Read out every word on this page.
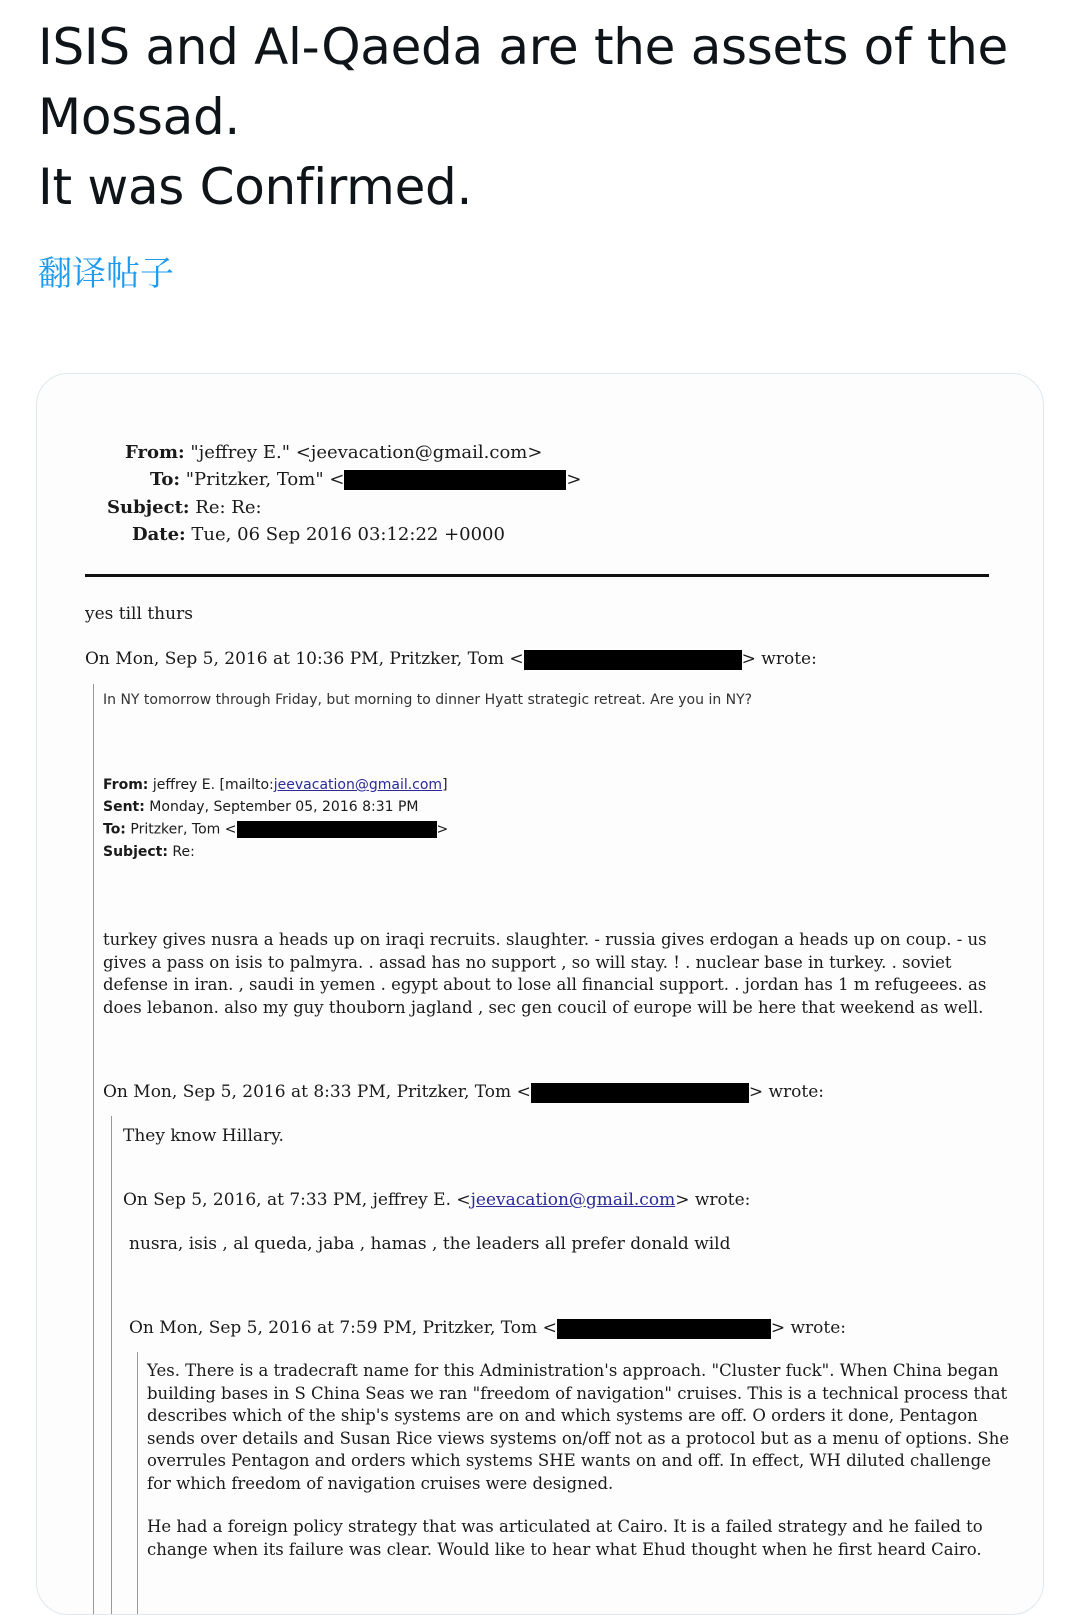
ISIS and Al-Qaeda are the assets of the
Mossad.
It was Confirmed.
翻译帖子
From: "jeffrey E." <jeevacation@gmail.com>
To: "Pritzker, Tom" <	>
Subject: Re: Re:
Date: Tue, 06 Sep 2016 03:12:22 +0000
yes till thurs
On Mon, Sep 5, 2016 at 10:36 PM, Pritzker, Tom <	> wrote:
In NY tomorrow through Friday, but morning to dinner Hyatt strategic retreat. Are you in NY?
From: jeffrey E. [mailto:jeevacation@gmail.com]
Sent: Monday, September 05, 2016 8:31 PM
To: Pritzker, Tom <	>
Subject: Re:
turkey gives nusra a heads up on iraqi recruits. slaughter. - russia gives erdogan a heads up on coup. - us
gives a pass on isis to palmyra. . assad has no support , so will stay. ! . nuclear base in turkey. . soviet
defense in iran. , saudi in yemen . egypt about to lose all financial support. . jordan has 1 m refugeees. as
does lebanon. also my guy thouborn jagland , sec gen coucil of europe will be here that weekend as well.
On Mon, Sep 5, 2016 at 8:33 PM, Pritzker, Tom <	> wrote:
They know Hillary.
On Sep 5, 2016, at 7:33 PM, jeffrey E. <jeevacation@gmail.com> wrote:
nusra, isis , al queda, jaba , hamas , the leaders all prefer donald wild
On Mon, Sep 5, 2016 at 7:59 PM, Pritzker, Tom <	> wrote:
Yes. There is a tradecraft name for this Administration's approach. "Cluster fuck". When China began
building bases in S China Seas we ran "freedom of navigation" cruises. This is a technical process that
describes which of the ship's systems are on and which systems are off. O orders it done, Pentagon
sends over details and Susan Rice views systems on/off not as a protocol but as a menu of options. She
overrules Pentagon and orders which systems SHE wants on and off. In effect, WH diluted challenge
for which freedom of navigation cruises were designed.
He had a foreign policy strategy that was articulated at Cairo. It is a failed strategy and he failed to
change when its failure was clear. Would like to hear what Ehud thought when he first heard Cairo.
